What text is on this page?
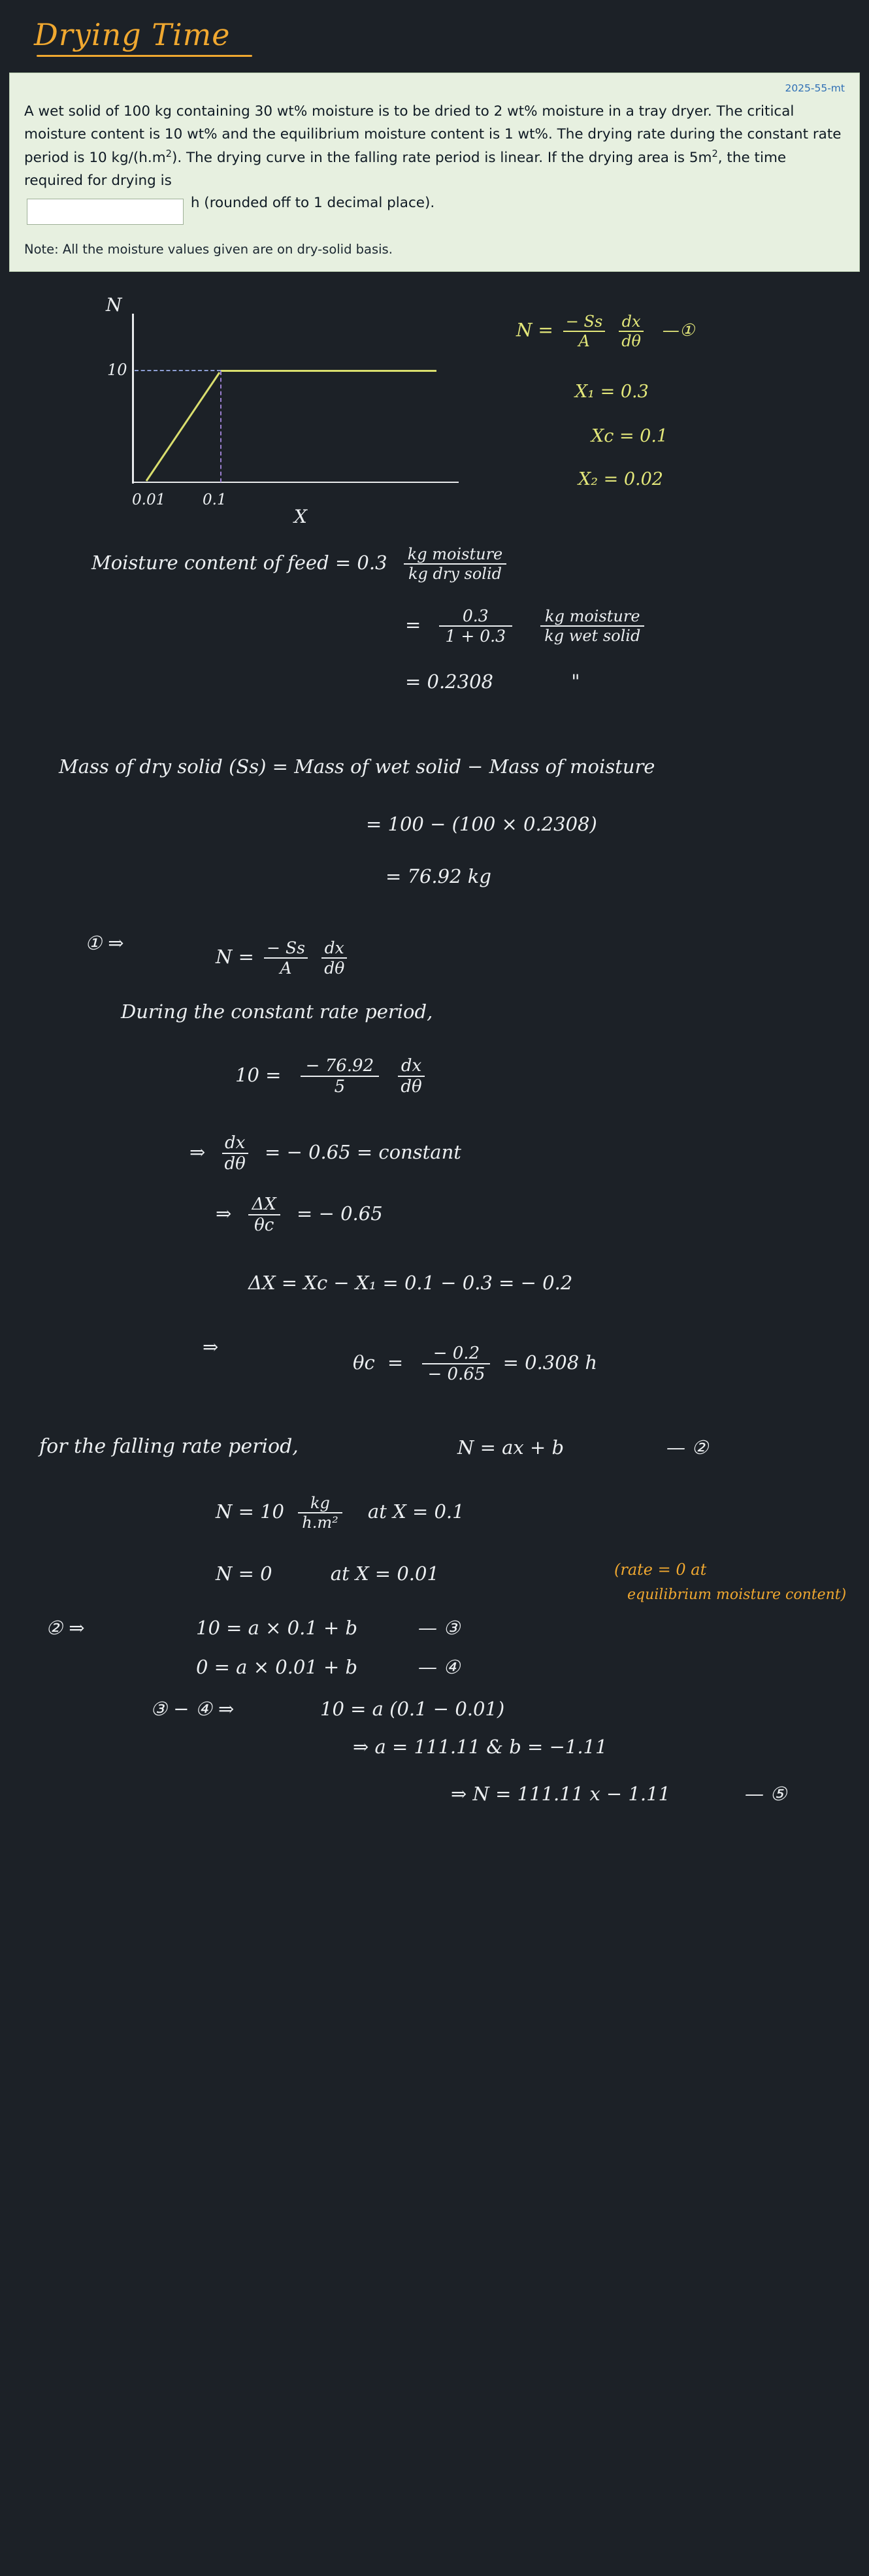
Drying Time
2025-55-mt
A wet solid of 100 kg containing 30 wt% moisture is to be dried to 2 wt% moisture in a tray dryer. The critical moisture content is 10 wt% and the equilibrium moisture content is 1 wt%. The drying rate during the constant rate period is 10 $kg/(h.m^2)$. The drying curve in the falling rate period is linear. If the drying area is $5m^2$, the time required for drying is
h (rounded off to 1 decimal place).
Note: All the moisture values given are on dry-solid basis.
N
10
0.01 0.1
X
$N = \frac{- Ss}{A}$
$\frac{dx}{d\theta}$ —①
X₁ = 0.3
Xc = 0.1
X₂ = 0.02
Moisture content of feed = 0.3 kg moisture
kg dry solid
= $\frac{0.3}{1 + 0.3}$
kg moisture
kg wet solid
= 0.2308	"
Mass of dry solid (Ss) = Mass of wet solid − Mass of moisture
= 100 − (100 × 0.2308)
= 76.92 kg
① ⇒
$N = \frac{- Ss}{A}$
$\frac{dx}{d\theta}$
During the constant rate period,
$10 = \frac{- 76.92}{5}$
$\frac{dx}{d\theta}$
⇒ $\frac{dx}{d\theta}$ = − 0.65 = constant
⇒ $\frac{\Delta X}{\theta c}$ = − 0.65
ΔX = Xc − X₁ = 0.1 − 0.3 = − 0.2
⇒
$\theta c = \frac{- 0.2}{- 0.65} = 0.308$ h
for the falling rate period,	N = ax + b	— ②
$N = 10 \frac{kg}{\text{h.m²}}$ at X = 0.1
N = 0	at X = 0.01	(rate = 0 at
equilibrium moisture content)
② ⇒	10 = a × 0.1 + b	— ③
0 = a × 0.01 + b	— ④
③ − ④ ⇒	10 = a (0.1 − 0.01)
⇒ a = 111.11 & b = −1.11
⇒ N = 111.11 x − 1.11	— ⑤
